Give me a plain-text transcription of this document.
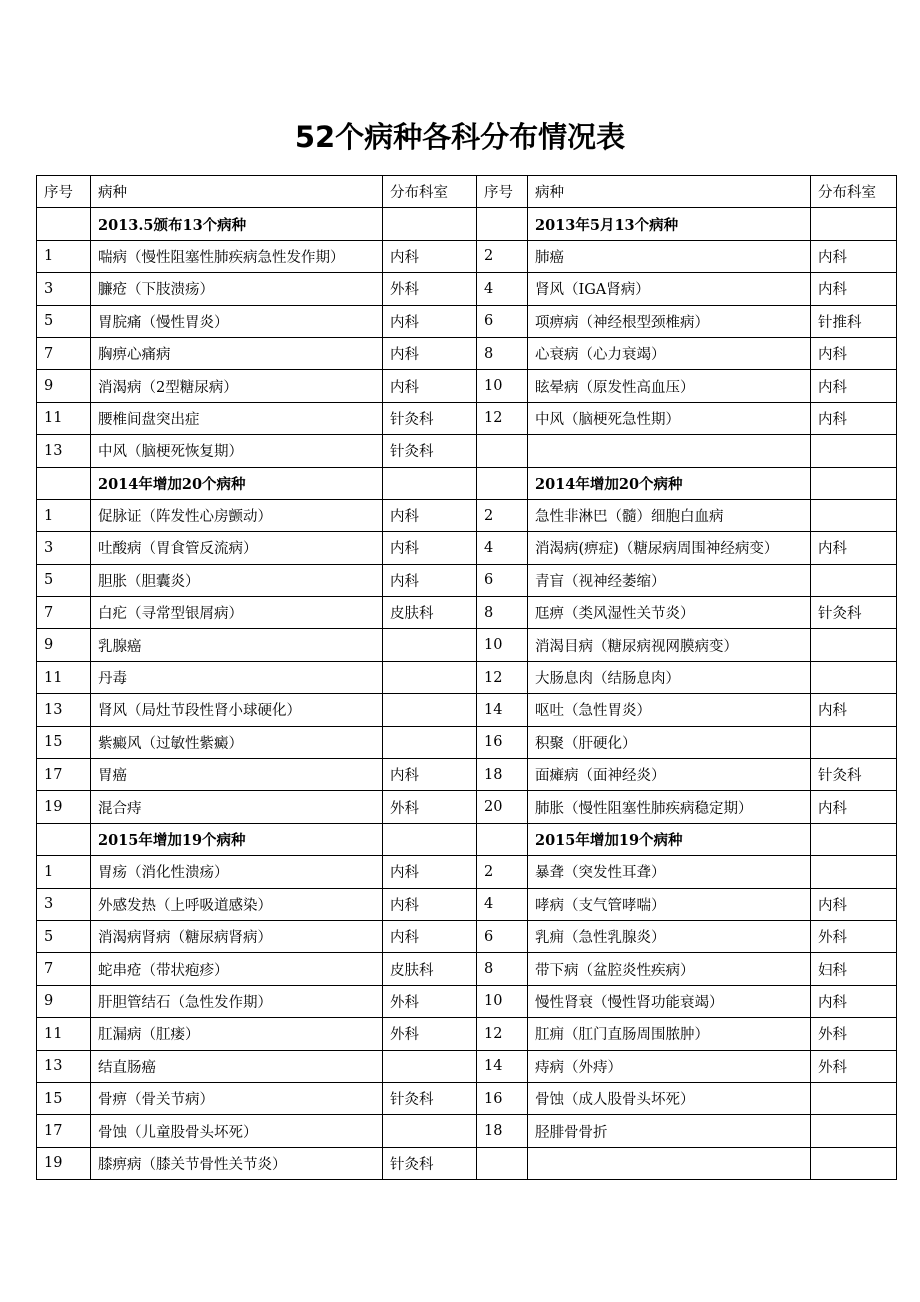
52个病种各科分布情况表
序号	病种	分布科室	序号	病种	分布科室
	2013.5颁布13个病种			2013年5月13个病种	
1	喘病（慢性阻塞性肺疾病急性发作期）	内科	2	肺癌	内科
3	臁疮（下肢溃疡）	外科	4	肾风（IGA肾病）	内科
5	胃脘痛（慢性胃炎）	内科	6	项痹病（神经根型颈椎病）	针推科
7	胸痹心痛病	内科	8	心衰病（心力衰竭）	内科
9	消渴病（2型糖尿病）	内科	10	眩晕病（原发性高血压）	内科
11	腰椎间盘突出症	针灸科	12	中风（脑梗死急性期）	内科
13	中风（脑梗死恢复期）	针灸科			
	2014年增加20个病种			2014年增加20个病种	
1	促脉证（阵发性心房颤动）	内科	2	急性非淋巴（髓）细胞白血病	
3	吐酸病（胃食管反流病）	内科	4	消渴病(痹症)（糖尿病周围神经病变）	内科
5	胆胀（胆囊炎）	内科	6	青盲（视神经萎缩）	
7	白疕（寻常型银屑病）	皮肤科	8	尫痹（类风湿性关节炎）	针灸科
9	乳腺癌		10	消渴目病（糖尿病视网膜病变）	
11	丹毒		12	大肠息肉（结肠息肉）	
13	肾风（局灶节段性肾小球硬化）		14	呕吐（急性胃炎）	内科
15	紫癜风（过敏性紫癜）		16	积聚（肝硬化）	
17	胃癌	内科	18	面瘫病（面神经炎）	针灸科
19	混合痔	外科	20	肺胀（慢性阻塞性肺疾病稳定期）	内科
	2015年增加19个病种			2015年增加19个病种	
1	胃疡（消化性溃疡）	内科	2	暴聋（突发性耳聋）	
3	外感发热（上呼吸道感染）	内科	4	哮病（支气管哮喘）	内科
5	消渴病肾病（糖尿病肾病）	内科	6	乳痈（急性乳腺炎）	外科
7	蛇串疮（带状疱疹）	皮肤科	8	带下病（盆腔炎性疾病）	妇科
9	肝胆管结石（急性发作期）	外科	10	慢性肾衰（慢性肾功能衰竭）	内科
11	肛漏病（肛瘘）	外科	12	肛痈（肛门直肠周围脓肿）	外科
13	结直肠癌		14	痔病（外痔）	外科
15	骨痹（骨关节病）	针灸科	16	骨蚀（成人股骨头坏死）	
17	骨蚀（儿童股骨头坏死）		18	胫腓骨骨折	
19	膝痹病（膝关节骨性关节炎）	针灸科			
